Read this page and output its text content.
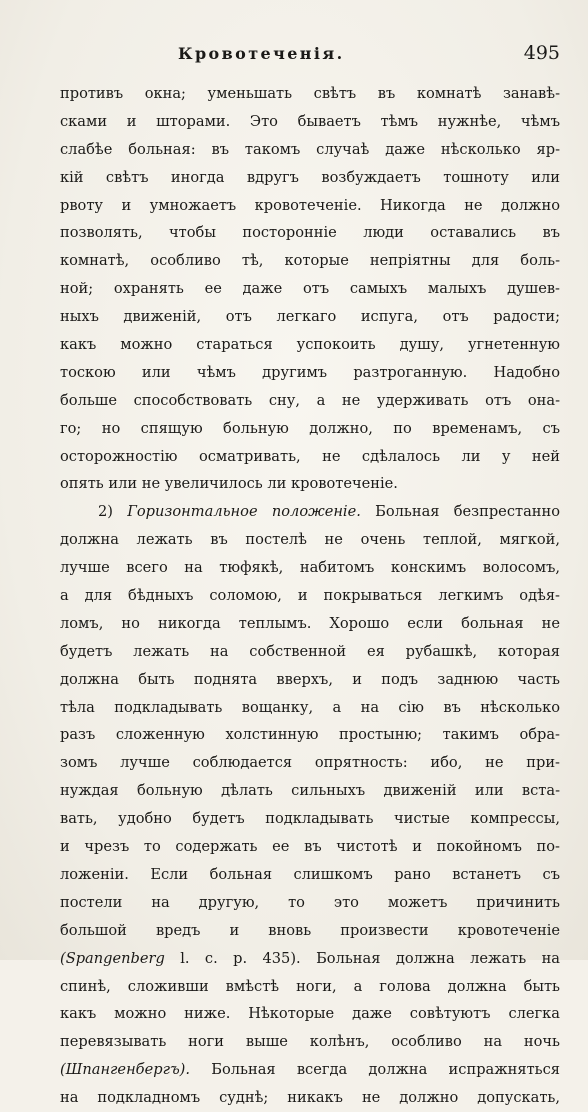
Кровотеченія.	495
противъ окна; уменьшать свѣтъ въ комнатѣ занавѣ-
сками и шторами. Это бываетъ тѣмъ нужнѣе, чѣмъ
слабѣе больная: въ такомъ случаѣ даже нѣсколько яр-
кій свѣтъ иногда вдругъ возбуждаетъ тошноту или
рвоту и умножаетъ кровотеченіе. Никогда не должно
позволять, чтобы посторонніе люди оставались въ
комнатѣ, особливо тѣ, которые непріятны для боль-
ной; охранять ее даже отъ самыхъ малыхъ душев-
ныхъ движеній, отъ легкаго испуга, отъ радости;
какъ можно стараться успокоить душу, угнетенную
тоскою или чѣмъ другимъ разтроганную. Надобно
больше способствовать сну, а не удерживать отъ она-
го; но спящую больную должно, по временамъ, съ
осторожностію осматривать, не сдѣлалось ли у ней
опять или не увеличилось ли кровотеченіе.
2) Горизонтальное положеніе. Больная безпрестанно
должна лежать въ постелѣ не очень теплой, мягкой,
лучше всего на тюфякѣ, набитомъ конскимъ волосомъ,
а для бѣдныхъ соломою, и покрываться легкимъ одѣя-
ломъ, но никогда теплымъ. Хорошо если больная не
будетъ лежать на собственной ея рубашкѣ, которая
должна быть поднята вверхъ, и подъ заднюю часть
тѣла подкладывать вощанку, а на сію въ нѣсколько
разъ сложенную холстинную простыню; такимъ обра-
зомъ лучше соблюдается опрятность: ибо, не при-
нуждая больную дѣлать сильныхъ движеній или вста-
вать, удобно будетъ подкладывать чистые компрессы,
и чрезъ то содержать ее въ чистотѣ и покойномъ по-
ложеніи. Если больная слишкомъ рано встанетъ съ
постели на другую, то это можетъ причинить
большой вредъ и вновь произвести кровотеченіе
(Spangenberg l. c. p. 435). Больная должна лежать на
спинѣ, сложивши вмѣстѣ ноги, а голова должна быть
какъ можно ниже. Нѣкоторые даже совѣтуютъ слегка
перевязывать ноги выше колѣнъ, особливо на ночь
(Шпангенбергъ). Больная всегда должна испражняться
на подкладномъ суднѣ; никакъ не должно допускать,
